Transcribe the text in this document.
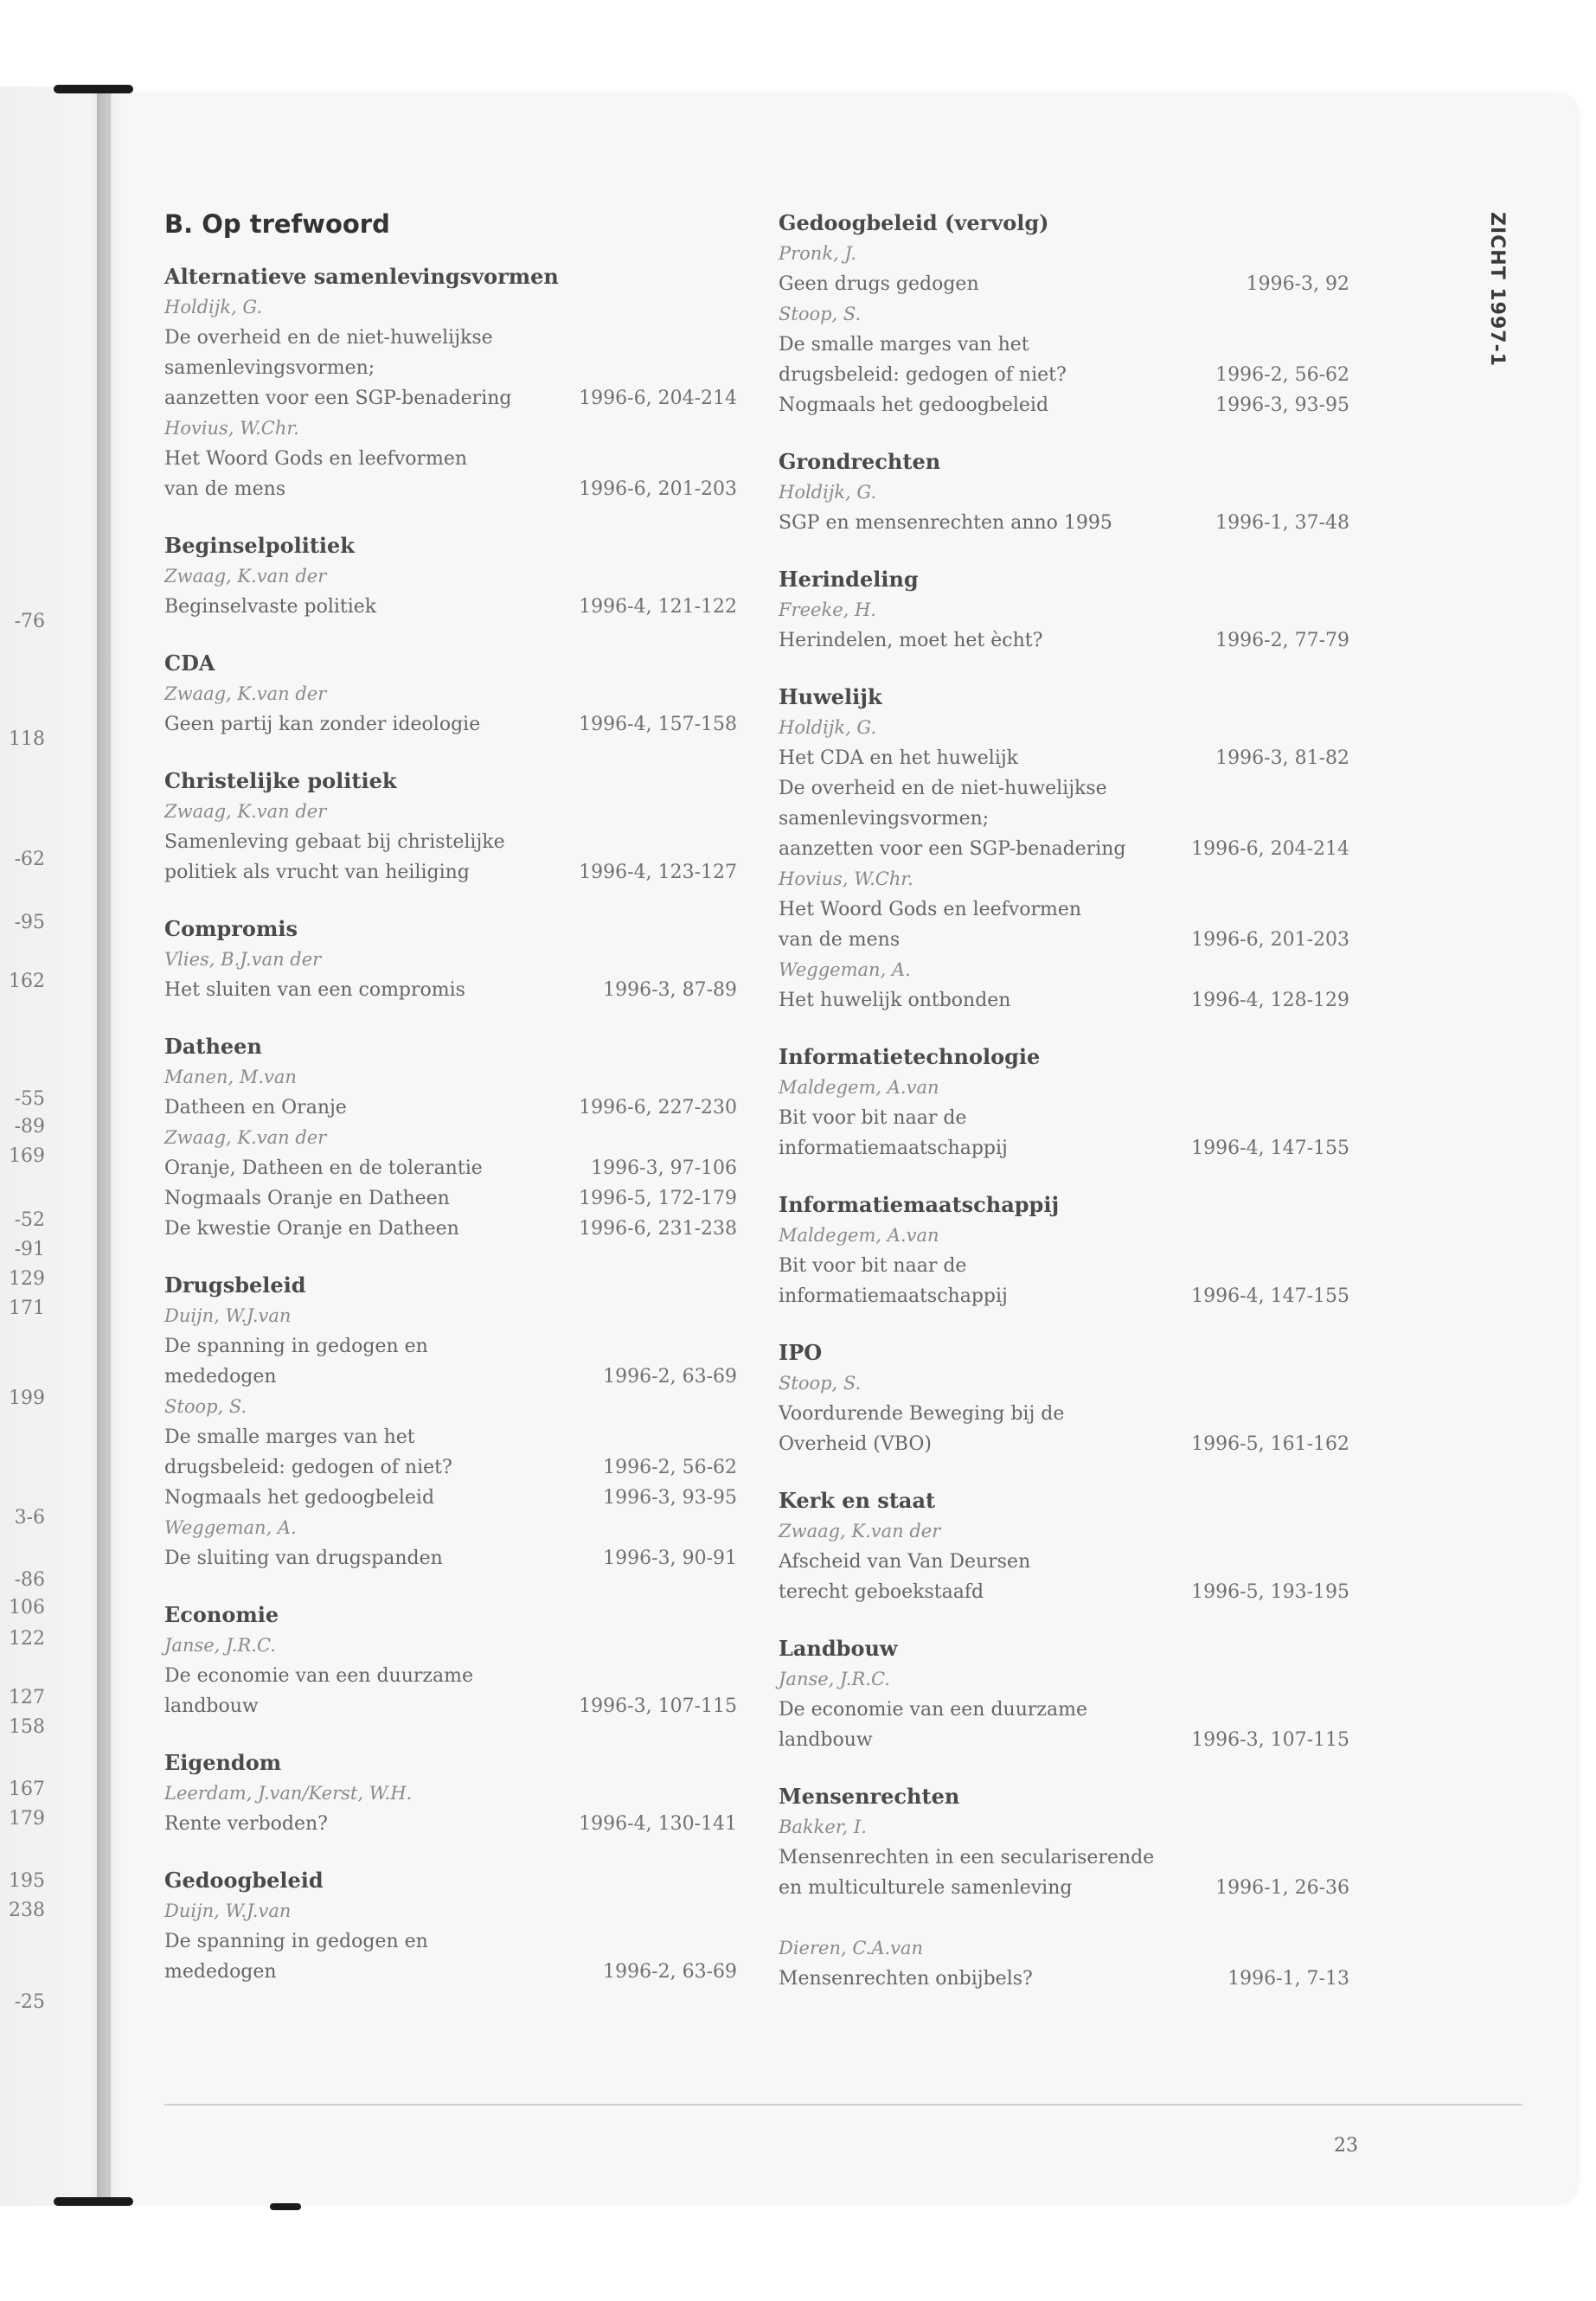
-76
118
-62
-95
162
-55
-89
169
-52
-91
129
171
199
3-6
-86
106
122
127
158
167
179
195
238
-25
B. Op trefwoord
Alternatieve samenlevingsvormen
Holdijk, G.
De overheid en de niet-huwelijkse
samenlevingsvormen;
aanzetten voor een SGP-benadering	1996-6, 204-214
Hovius, W.Chr.
Het Woord Gods en leefvormen
van de mens	1996-6, 201-203
Beginselpolitiek
Zwaag, K.van der
Beginselvaste politiek	1996-4, 121-122
CDA
Zwaag, K.van der
Geen partij kan zonder ideologie	1996-4, 157-158
Christelijke politiek
Zwaag, K.van der
Samenleving gebaat bij christelijke
politiek als vrucht van heiliging	1996-4, 123-127
Compromis
Vlies, B.J.van der
Het sluiten van een compromis	1996-3, 87-89
Datheen
Manen, M.van
Datheen en Oranje	1996-6, 227-230
Zwaag, K.van der
Oranje, Datheen en de tolerantie	1996-3, 97-106
Nogmaals Oranje en Datheen	1996-5, 172-179
De kwestie Oranje en Datheen	1996-6, 231-238
Drugsbeleid
Duijn, W.J.van
De spanning in gedogen en
mededogen	1996-2, 63-69
Stoop, S.
De smalle marges van het
drugsbeleid: gedogen of niet?	1996-2, 56-62
Nogmaals het gedoogbeleid	1996-3, 93-95
Weggeman, A.
De sluiting van drugspanden	1996-3, 90-91
Economie
Janse, J.R.C.
De economie van een duurzame
landbouw	1996-3, 107-115
Eigendom
Leerdam, J.van/Kerst, W.H.
Rente verboden?	1996-4, 130-141
Gedoogbeleid
Duijn, W.J.van
De spanning in gedogen en
mededogen	1996-2, 63-69
Gedoogbeleid (vervolg)
Pronk, J.
Geen drugs gedogen	1996-3, 92
Stoop, S.
De smalle marges van het
drugsbeleid: gedogen of niet?	1996-2, 56-62
Nogmaals het gedoogbeleid	1996-3, 93-95
Grondrechten
Holdijk, G.
SGP en mensenrechten anno 1995	1996-1, 37-48
Herindeling
Freeke, H.
Herindelen, moet het ècht?	1996-2, 77-79
Huwelijk
Holdijk, G.
Het CDA en het huwelijk	1996-3, 81-82
De overheid en de niet-huwelijkse
samenlevingsvormen;
aanzetten voor een SGP-benadering	1996-6, 204-214
Hovius, W.Chr.
Het Woord Gods en leefvormen
van de mens	1996-6, 201-203
Weggeman, A.
Het huwelijk ontbonden	1996-4, 128-129
Informatietechnologie
Maldegem, A.van
Bit voor bit naar de
informatiemaatschappij	1996-4, 147-155
Informatiemaatschappij
Maldegem, A.van
Bit voor bit naar de
informatiemaatschappij	1996-4, 147-155
IPO
Stoop, S.
Voordurende Beweging bij de
Overheid (VBO)	1996-5, 161-162
Kerk en staat
Zwaag, K.van der
Afscheid van Van Deursen
terecht geboekstaafd	1996-5, 193-195
Landbouw
Janse, J.R.C.
De economie van een duurzame
landbouw	1996-3, 107-115
Mensenrechten
Bakker, I.
Mensenrechten in een seculariserende
en multiculturele samenleving	1996-1, 26-36
Dieren, C.A.van
Mensenrechten onbijbels?	1996-1, 7-13
ZICHT 1997-1
23
